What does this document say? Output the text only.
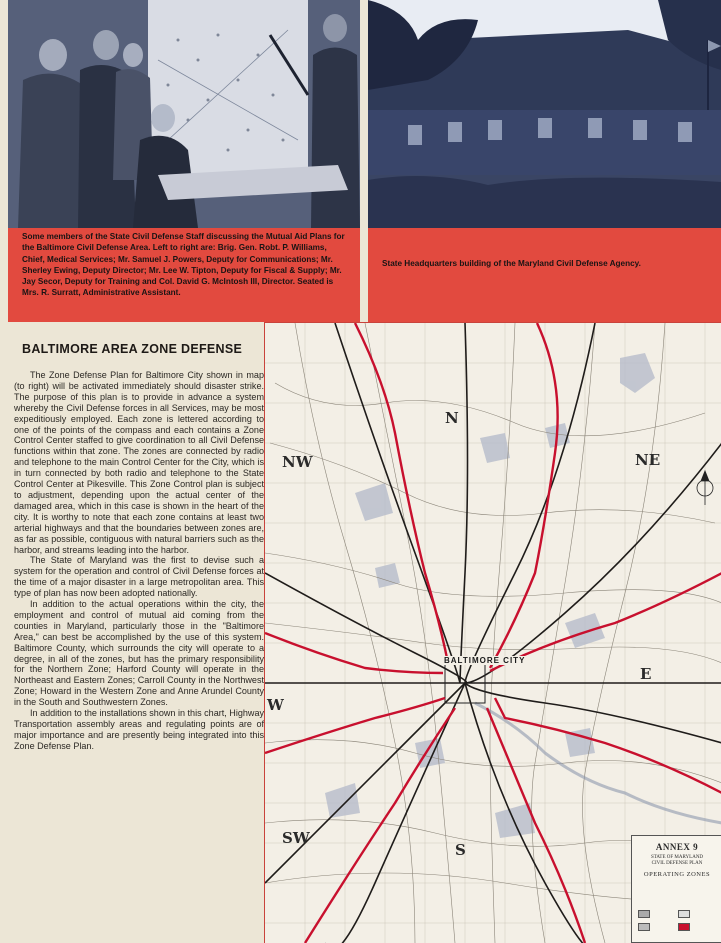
Some members of the State Civil Defense Staff discussing the Mutual Aid Plans for the Baltimore Civil Defense Area. Left to right are: Brig. Gen. Robt. P. Williams, Chief, Medical Services; Mr. Samuel J. Powers, Deputy for Communications; Mr. Sherley Ewing, Deputy Director; Mr. Lee W. Tipton, Deputy for Fiscal & Supply; Mr. Jay Secor, Deputy for Training and Col. David G. McIntosh III, Director. Seated is Mrs. R. Surratt, Administrative Assistant.
State Headquarters building of the Maryland Civil Defense Agency.
BALTIMORE AREA ZONE DEFENSE

The Zone Defense Plan for Baltimore City shown in map (to right) will be activated immediately should disaster strike. The purpose of this plan is to provide in advance a system whereby the Civil Defense forces in all Services, may be most expeditiously employed. Each zone is lettered according to one of the points of the compass and each contains a Zone Control Center staffed to give coordination to all Civil Defense functions within that zone. The zones are connected by radio and telephone to the main Control Center for the City, which is in turn connected by both radio and telephone to the State Control Center at Pikesville. This Zone Control plan is subject to adjustment, depending upon the actual center of the damaged area, which in this case is shown in the heart of the city. It is worthy to note that each zone contains at least two arterial highways and that the boundaries between zones are, as far as possible, contiguous with natural barriers such as the harbor, and streams leading into the harbor.

The State of Maryland was the first to devise such a system for the operation and control of Civil Defense forces at the time of a major disaster in a large metropolitan area. This type of plan has now been adopted nationally.

In addition to the actual operations within the city, the employment and control of mutual aid coming from the counties in Maryland, particularly those in the "Baltimore Area," can best be accomplished by the use of this system. Baltimore County, which surrounds the city will operate to a degree, in all of the zones, but has the primary responsibility for the Northern Zone; Harford County will operate in the Northeast and Eastern Zones; Carroll County in the Northwest Zone; Howard in the Western Zone and Anne Arundel County in the South and Southwestern Zones.

In addition to the installations shown in this chart, Highway Transportation assembly areas and regulating points are of major importance and are presently being integrated into this Zone Defense Plan.

N
NW	NE
W
E
SW
S
BALTIMORE CITY
ANNEX 9
STATE OF MARYLAND
CIVIL DEFENSE PLAN
OPERATING ZONES
